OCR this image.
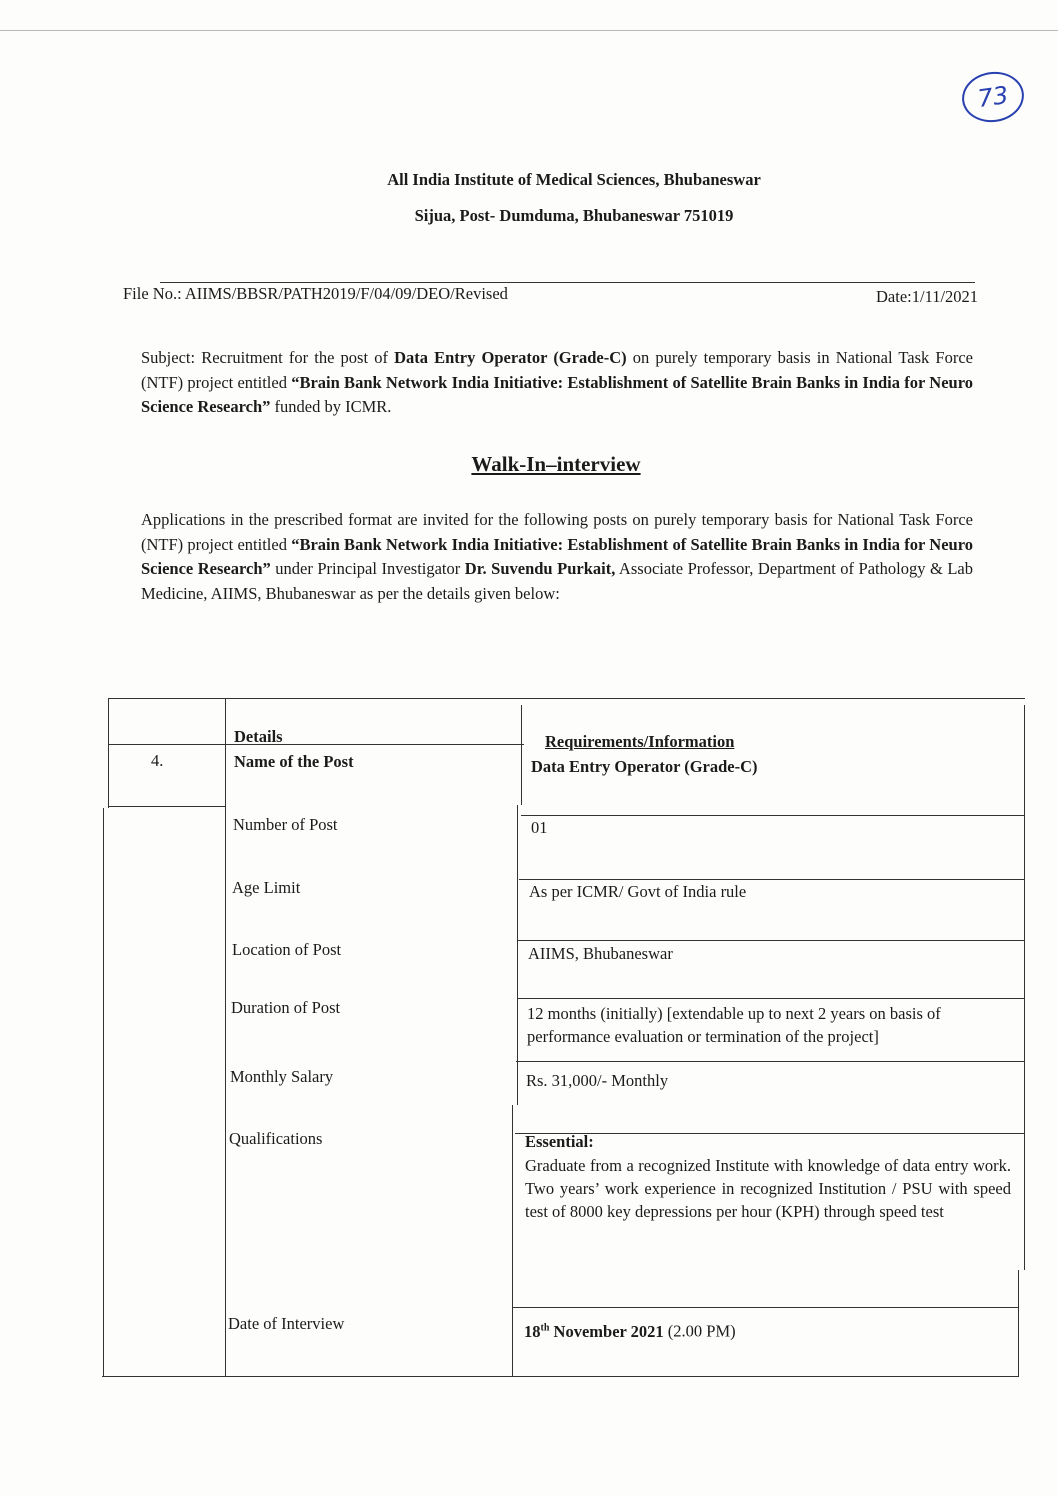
73
All India Institute of Medical Sciences, Bhubaneswar
Sijua, Post- Dumduma, Bhubaneswar 751019
File No.: AIIMS/BBSR/PATH2019/F/04/09/DEO/Revised	Date:1/11/2021
Subject: Recruitment for the post of Data Entry Operator (Grade-C) on purely temporary basis in National Task Force (NTF) project entitled “Brain Bank Network India Initiative: Establishment of Satellite Brain Banks in India for Neuro Science Research” funded by ICMR.
Walk-In–interview
Applications in the prescribed format are invited for the following posts on purely temporary basis for National Task Force (NTF) project entitled “Brain Bank Network India Initiative: Establishment of Satellite Brain Banks in India for Neuro Science Research” under Principal Investigator Dr. Suvendu Purkait, Associate Professor, Department of Pathology & Lab Medicine, AIIMS, Bhubaneswar as per the details given below:
Details	Requirements/Information
4.	Name of the Post	Data Entry Operator (Grade-C)
Number of Post	01
Age Limit	As per ICMR/ Govt of India rule
Location of Post	AIIMS, Bhubaneswar
Duration of Post	12 months (initially) [extendable up to next 2 years on basis of performance evaluation or termination of the project]
Monthly Salary	Rs. 31,000/- Monthly
Qualifications	Essential:
Graduate from a recognized Institute with knowledge of data entry work. Two years’ work experience in recognized Institution / PSU with speed test of 8000 key depressions per hour (KPH) through speed test
Date of Interview	18th November 2021 (2.00 PM)
